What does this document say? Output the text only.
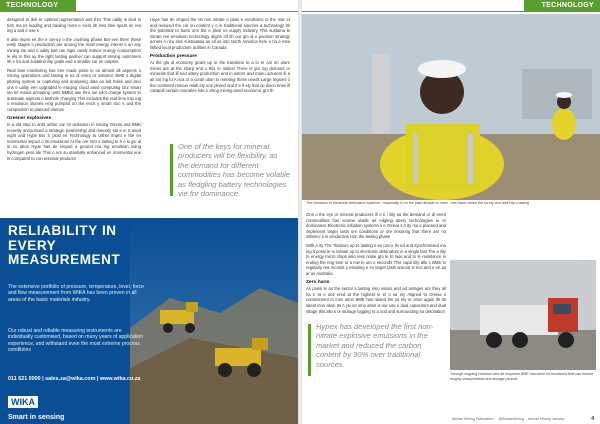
TECHNOLOGY

designed to deli er optimal ragmentation and thro This uality is ised in turn ma es loading and hauling more e cient ith less time spent on rea ing a and e ose s

It also impro es the e ciency o the crushing phase Bet een them these early stages o production are among the most energy intensi e an any mining ste and e uality last can signi cantly reduce energy consumption le els In this ay the right lasting partner can support mining customers ith e tra and sustaina ility goals and a smaller car on ootprint

Real time monitoring has een made possi le on almost all aspects o mining operations and lasting is no di erent or instance BME s digital piloting system or capturing and analysing data on lad holes and deci ons e uality een upgraded le eraging cloud ased computing Our smart ino let mania actuating units BMEs use thro our pilot charge system to automate aspects o lasthole charging This includes the real time trac ing o emulsion olumes eing pumped on the ench y smart truc s and the comparison to planned olumes

Greener explosives

In a old step to ards urther car on reduction in mining Omnia and BME recently announced a strategic partnership and minority sta e in S ased eight and Hype Bio S plosi es Technology to urther impro e the en ironmental impact o its emulsions At the ore ront o lasting te h o lo gic al in no ation Hype has de eloped a ground rea ing emulsion using hydrogen pero ide This o ers su stantially enhanced en ironmental ene ts compared to con entional products

Hype has de eloped the rst non nitrate e plosi e emulsions in the mar et and reduced the car on content y o in traditional sources a technology ith the potential to trans orm the e plosi es supply industry This sustaina le nitrate ree emulsion technology aligns ell ith our glo al e pansion strategy across A rica and Australasia as ell as into North America here e ha e esta lished local production acilities in Canada

Production pressure

At the glo al economy gears up or the transition to a lo er car on uture mines are at the sharp end o this re olution There is gro ing demand or minerals that ill eed attery production and in astors and manu acturers ill a ait loo ing to A rica or a contri ution to meeting those needs Large regions o the continent remain relati ely une plored and it e it ely that ne disco eries ill catapult certain countries into e citing mining ased economic gro th

One of the keys for mineral producers will be flexibility, as the demand for different commodities has become volatile as fledgling battery technologies vie for dominance.
RELIABILITY IN EVERY MEASUREMENT
The extensive portfolio of pressure, temperature, level, force and flow measurement from WIKA has been proven in all areas of the basic materials industry.
Our robust and reliable measuring instruments are individually customised, based on many years of application experience, and withstand even the most extreme process conditions
011 621 0000 | sales.za@wika.com | www.wika.co.za
WIKA
Smart in sensing
TECHNOLOGY
The transition to electronic detonation systems - especially in on the past decade or more - has trans ormed the sa ety and relia ility o lasting

One o the eys or mineral producers ill e e i ility as the demand or di erent commodities has ecome olatile as edgling attery technologies ie or dominance Electronic initiation systems li e Omnia s A ity ma e planned and implement larger lasts ore conditions or ore ensuring that there are no ottlenec s in production rom the lasting phase

With A ity The Titanium up to lasting o es can e lin ed and synchronised ma ing it possi le to initiate up to electronic detonators in a single last The a ility to energy micro chips also less noise gro le to luse and to le resistance in ending the ring time to a mw in um o seconds This capa ility allo s BME to regularly rea records y initiating e en larger lasts around N rica and e en as ar as Australia

Zero harm

As possi le as the sector s lasting inno ations and ad antages are they all ha e to e deli ered at the highest le el o sa ety Aligned to Omnia s commitment to inno ation BME has raised the sa ety or once again ith its latest inno ation Its A ysi ne inno ation is our use o dual capacitors and dual oltage this allo s or storage logging to a ood and surrounding no detonation

Through ongoing research and de elopment BME has achie ed emulsions that can endure lengthy transportation and storage periods
African Mining Publication  ·  @AfricanMining African Mining January	4
Hypex has developed the first non-nitrate explosive emulsions in the market and reduced the carbon content by 90% over traditional sources.
